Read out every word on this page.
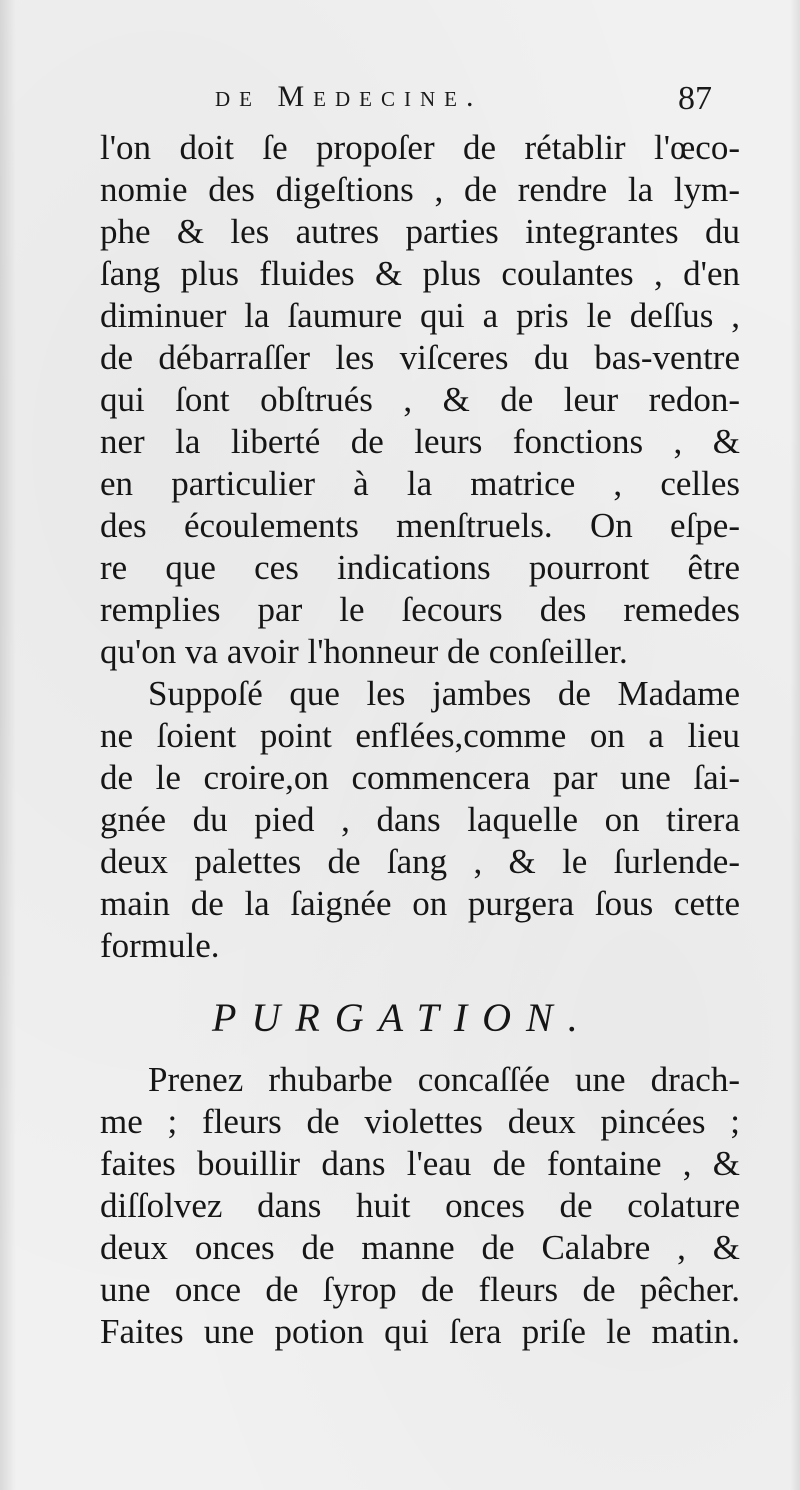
de Medecine.	87
l'on doit ſe propoſer de rétablir l'œco-
nomie des digeſtions , de rendre la lym-
phe & les autres parties integrantes du
ſang plus fluides & plus coulantes , d'en
diminuer la ſaumure qui a pris le deſſus ,
de débarraſſer les viſceres du bas-ventre
qui ſont obſtrués , & de leur redon-
ner la liberté de leurs fonctions , &
en particulier à la matrice , celles
des écoulements menſtruels. On eſpe-
re que ces indications pourront être
remplies par le ſecours des remedes
qu'on va avoir l'honneur de conſeiller.
Suppoſé que les jambes de Madame
ne ſoient point enflées,comme on a lieu
de le croire,on commencera par une ſai-
gnée du pied , dans laquelle on tirera
deux palettes de ſang , & le ſurlende-
main de la ſaignée on purgera ſous cette
formule.
PURGATION.
Prenez rhubarbe concaſſée une drach-
me ; fleurs de violettes deux pincées ;
faites bouillir dans l'eau de fontaine , &
diſſolvez dans huit onces de colature
deux onces de manne de Calabre , &
une once de ſyrop de fleurs de pêcher.
Faites une potion qui ſera priſe le matin.
